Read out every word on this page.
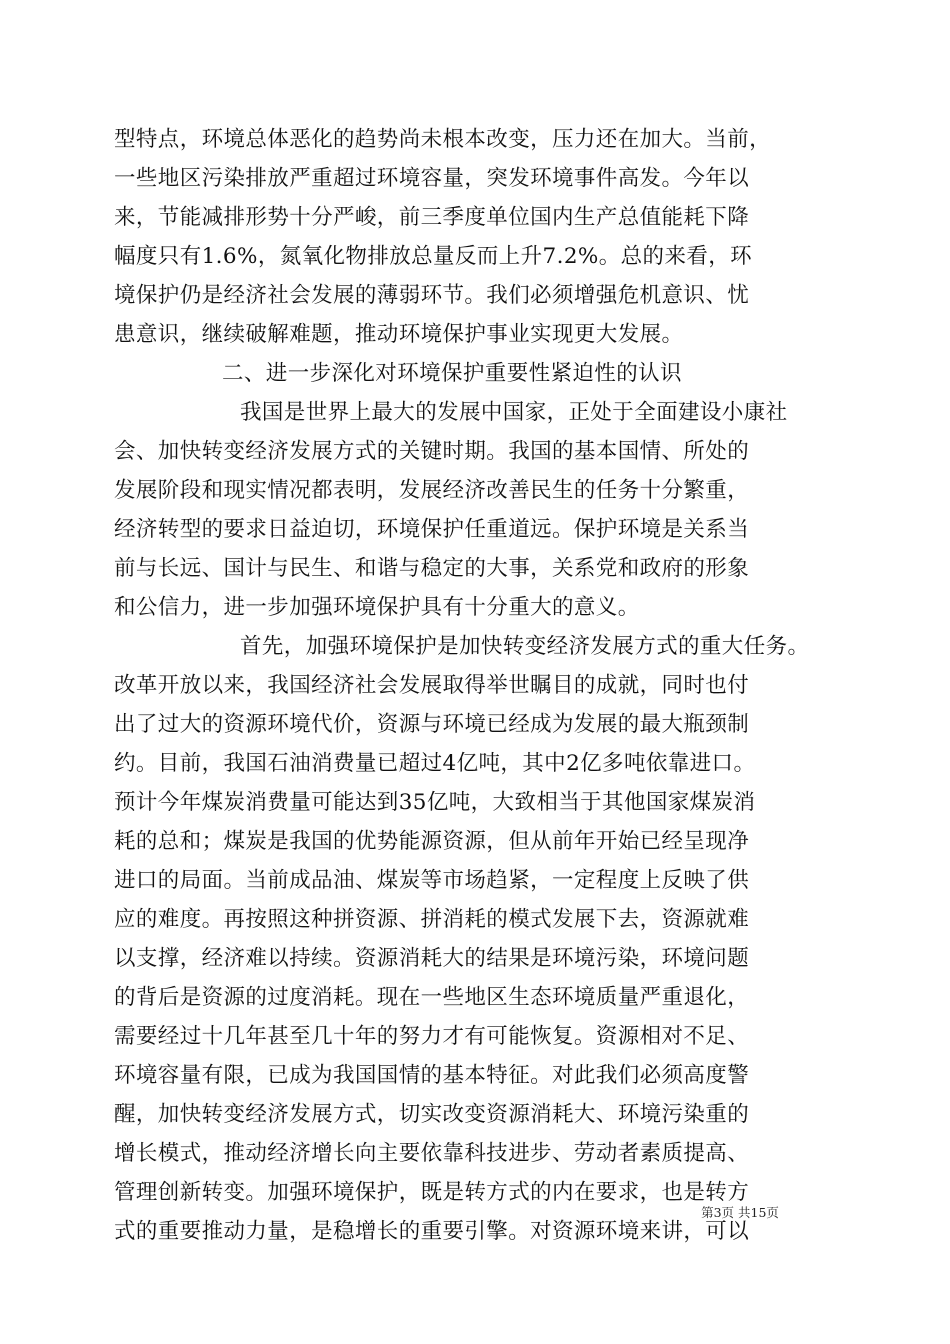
型特点，环境总体恶化的趋势尚未根本改变，压力还在加大。当前，
一些地区污染排放严重超过环境容量，突发环境事件高发。今年以
来，节能减排形势十分严峻，前三季度单位国内生产总值能耗下降
幅度只有1.6%，氮氧化物排放总量反而上升7.2%。总的来看，环
境保护仍是经济社会发展的薄弱环节。我们必须增强危机意识、忧
患意识，继续破解难题，推动环境保护事业实现更大发展。
二、进一步深化对环境保护重要性紧迫性的认识
我国是世界上最大的发展中国家，正处于全面建设小康社
会、加快转变经济发展方式的关键时期。我国的基本国情、所处的
发展阶段和现实情况都表明，发展经济改善民生的任务十分繁重，
经济转型的要求日益迫切，环境保护任重道远。保护环境是关系当
前与长远、国计与民生、和谐与稳定的大事，关系党和政府的形象
和公信力，进一步加强环境保护具有十分重大的意义。
首先，加强环境保护是加快转变经济发展方式的重大任务。
改革开放以来，我国经济社会发展取得举世瞩目的成就，同时也付
出了过大的资源环境代价，资源与环境已经成为发展的最大瓶颈制
约。目前，我国石油消费量已超过4亿吨，其中2亿多吨依靠进口。
预计今年煤炭消费量可能达到35亿吨，大致相当于其他国家煤炭消
耗的总和；煤炭是我国的优势能源资源，但从前年开始已经呈现净
进口的局面。当前成品油、煤炭等市场趋紧，一定程度上反映了供
应的难度。再按照这种拼资源、拼消耗的模式发展下去，资源就难
以支撑，经济难以持续。资源消耗大的结果是环境污染，环境问题
的背后是资源的过度消耗。现在一些地区生态环境质量严重退化，
需要经过十几年甚至几十年的努力才有可能恢复。资源相对不足、
环境容量有限，已成为我国国情的基本特征。对此我们必须高度警
醒，加快转变经济发展方式，切实改变资源消耗大、环境污染重的
增长模式，推动经济增长向主要依靠科技进步、劳动者素质提高、
管理创新转变。加强环境保护，既是转方式的内在要求，也是转方
式的重要推动力量，是稳增长的重要引擎。对资源环境来讲，可以
第3页 共15页
